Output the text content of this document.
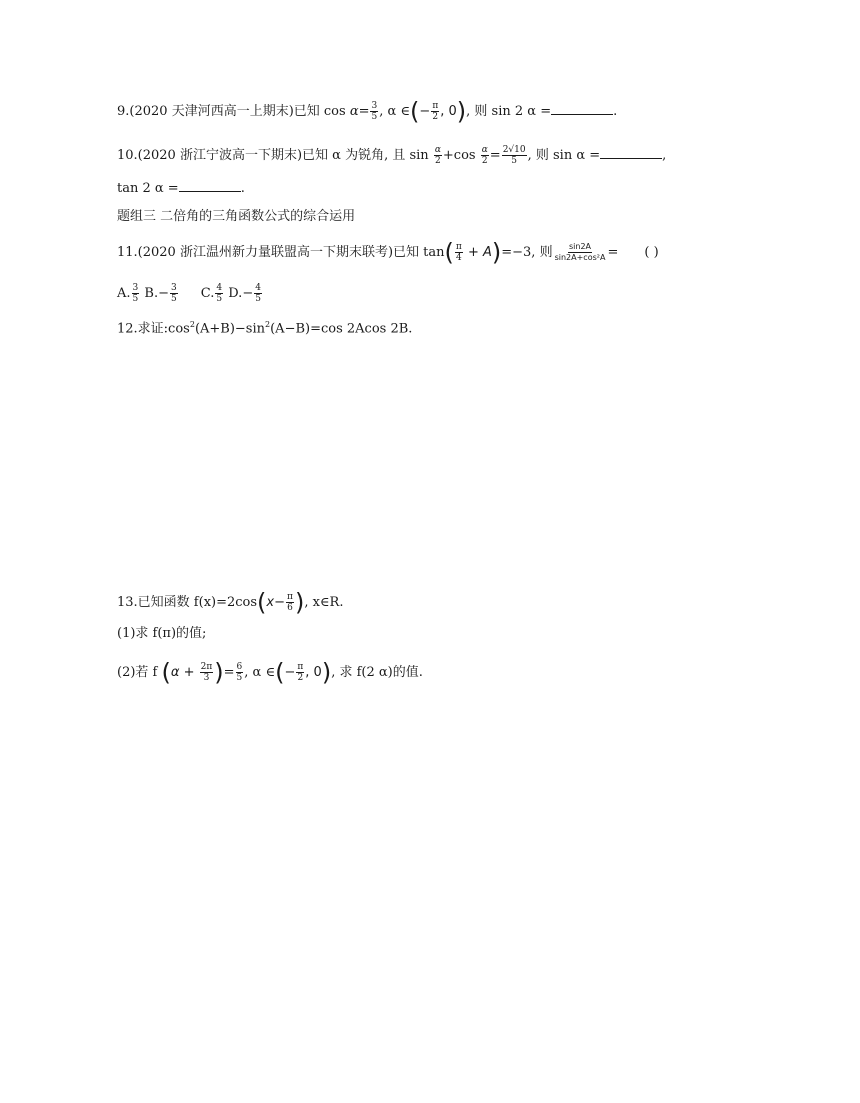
9.(2020 天津河西高一上期末)已知 $\cos \alpha= \frac{3}{5}$ , α ∈(− $\frac{\pi}{2}$ , 0), 则 sin 2 α =	.
10.(2020 浙江宁波高一下期末)已知 α 为锐角, 且 $\sin \frac{\alpha}{2} +\cos \frac{\alpha}{2} = \frac{2√10}{5}$ , 则 sin α =	,
tan 2 α =	.
题组三 二倍角的三角函数公式的综合运用
11.(2020 浙江温州新力量联盟高一下期末联考)已知 $\tan( \frac{\pi}{4} + A)=-3$, 则 $\frac{\sin 2A}{\text{sin2A+cos²A}}$ = ( )
A. $\frac{3}{5} B.- \frac{3}{5} C$. $\frac{4}{5} D.- \frac{4}{5}$
12.求证$:\cos^2(A+B)-\sin^2(A-B)=\cos$ 2Acos 2B.
13.已知函数 $f(x)=2\cos(x- \frac{\pi}{6}$ ), x∈R.
(1)求 f(π)的值;
(2)若 f ($\alpha + \frac{2\pi}{3}$ )= $\frac{6}{5}$ , α ∈(− $\frac{\pi}{2}$ , 0), 求 f(2 α)的值.
